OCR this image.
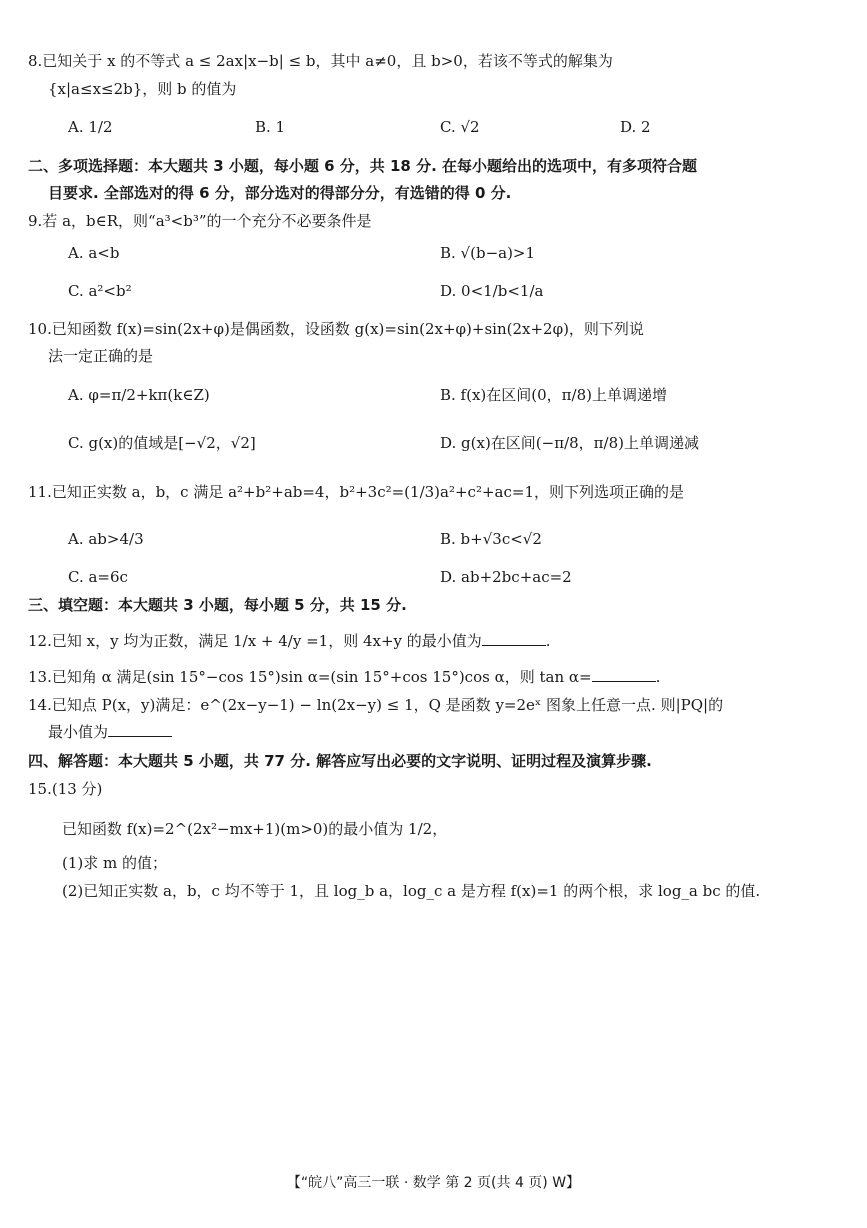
8.已知关于 x 的不等式 a ≤ 2ax|x−b| ≤ b，其中 a≠0，且 b>0，若该不等式的解集为
{x|a≤x≤2b}，则 b 的值为
A. 1/2	B. 1	C. √2	D. 2
二、多项选择题：本大题共 3 小题，每小题 6 分，共 18 分. 在每小题给出的选项中，有多项符合题
目要求. 全部选对的得 6 分，部分选对的得部分分，有选错的得 0 分.
9.若 a，b∈R，则“a³<b³”的一个充分不必要条件是
A. a<b	B. √(b−a)>1
C. a²<b²	D. 0<1/b<1/a
10.已知函数 f(x)=sin(2x+φ)是偶函数，设函数 g(x)=sin(2x+φ)+sin(2x+2φ)，则下列说
法一定正确的是
A. φ=π/2+kπ(k∈Z)	B. f(x)在区间(0，π/8)上单调递增
C. g(x)的值域是[−√2，√2]	D. g(x)在区间(−π/8，π/8)上单调递减
11.已知正实数 a，b，c 满足 a²+b²+ab=4，b²+3c²=(1/3)a²+c²+ac=1，则下列选项正确的是
A. ab>4/3	B. b+√3c<√2
C. a=6c	D. ab+2bc+ac=2
三、填空题：本大题共 3 小题，每小题 5 分，共 15 分.
12.已知 x，y 均为正数，满足 1/x + 4/y =1，则 4x+y 的最小值为	.
13.已知角 α 满足(sin 15°−cos 15°)sin α=(sin 15°+cos 15°)cos α，则 tan α=	.
14.已知点 P(x，y)满足：e^(2x−y−1) − ln(2x−y) ≤ 1，Q 是函数 y=2eˣ 图象上任意一点. 则|PQ|的
最小值为
四、解答题：本大题共 5 小题，共 77 分. 解答应写出必要的文字说明、证明过程及演算步骤.
15.(13 分)
已知函数 f(x)=2^(2x²−mx+1)(m>0)的最小值为 1/2，
(1)求 m 的值；
(2)已知正实数 a，b，c 均不等于 1，且 log_b a，log_c a 是方程 f(x)=1 的两个根，求 log_a bc 的值.
【“皖八”高三一联 · 数学 第 2 页(共 4 页) W】
